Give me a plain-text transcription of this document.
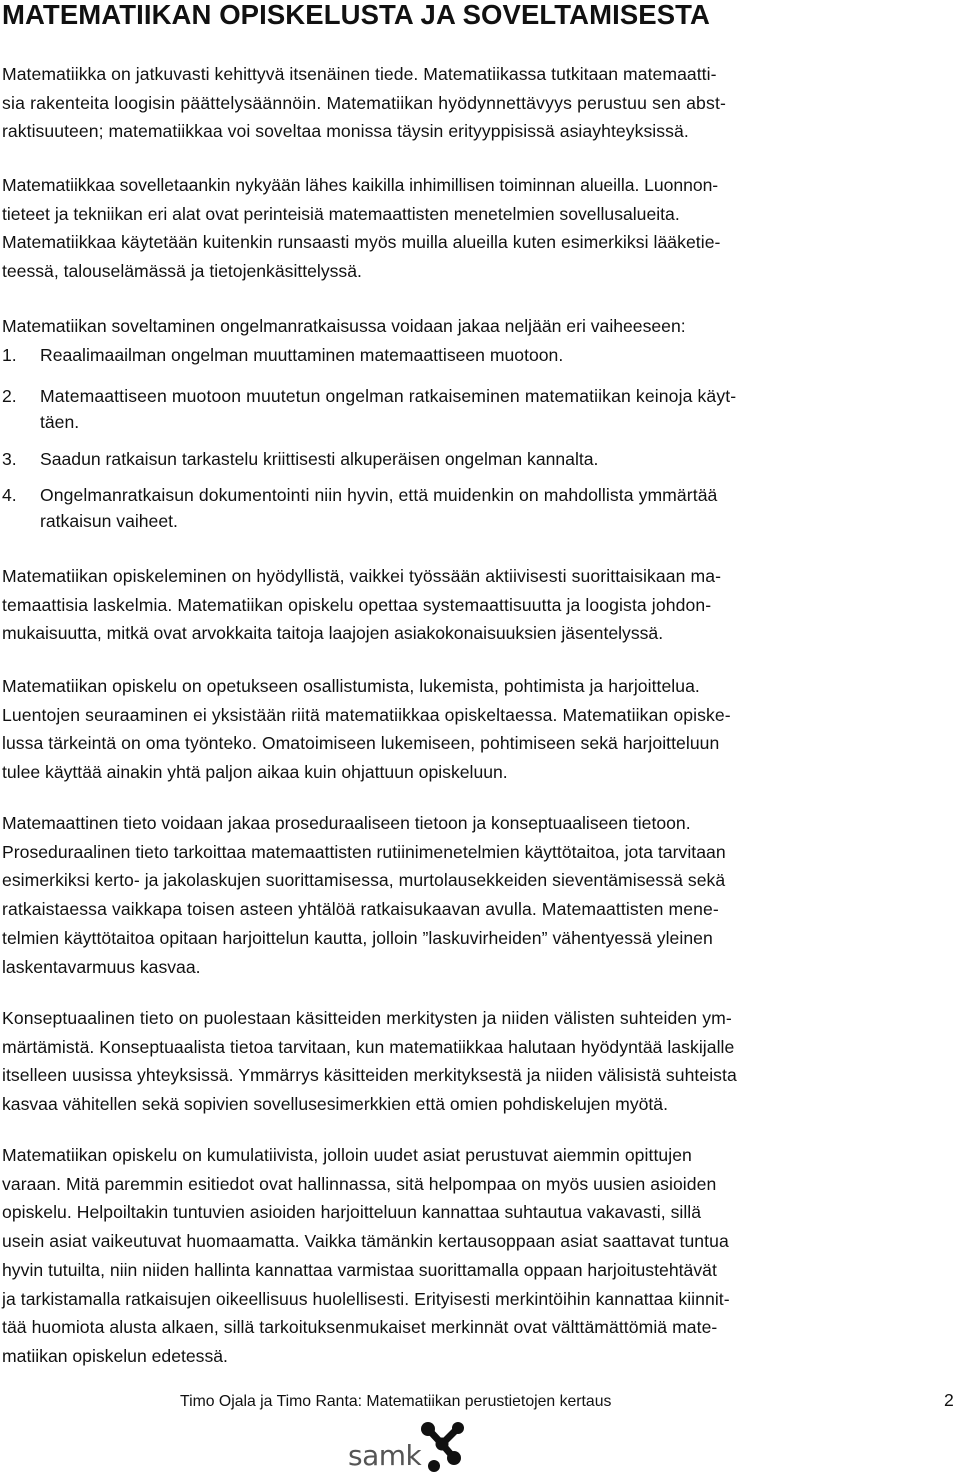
MATEMATIIKAN OPISKELUSTA JA SOVELTAMISESTA
Matematiikka on jatkuvasti kehittyvä itsenäinen tiede. Matematiikassa tutkitaan matemaatti-
sia rakenteita loogisin päättelysäännöin. Matematiikan hyödynnettävyys perustuu sen abst-
raktisuuteen; matematiikkaa voi soveltaa monissa täysin erityyppisissä asiayhteyksissä.
Matematiikkaa sovelletaankin nykyään lähes kaikilla inhimillisen toiminnan alueilla. Luonnon-
tieteet ja tekniikan eri alat ovat perinteisiä matemaattisten menetelmien sovellusalueita.
Matematiikkaa käytetään kuitenkin runsaasti myös muilla alueilla kuten esimerkiksi lääketie-
teessä, talouselämässä ja tietojenkäsittelyssä.
Matematiikan soveltaminen ongelmanratkaisussa voidaan jakaa neljään eri vaiheeseen:
1. Reaalimaailman ongelman muuttaminen matemaattiseen muotoon.
2. Matemaattiseen muotoon muutetun ongelman ratkaiseminen matematiikan keinoja käyt-
täen.
3. Saadun ratkaisun tarkastelu kriittisesti alkuperäisen ongelman kannalta.
4. Ongelmanratkaisun dokumentointi niin hyvin, että muidenkin on mahdollista ymmärtää
ratkaisun vaiheet.
Matematiikan opiskeleminen on hyödyllistä, vaikkei työssään aktiivisesti suorittaisikaan ma-
temaattisia laskelmia. Matematiikan opiskelu opettaa systemaattisuutta ja loogista johdon-
mukaisuutta, mitkä ovat arvokkaita taitoja laajojen asiakokonaisuuksien jäsentelyssä.
Matematiikan opiskelu on opetukseen osallistumista, lukemista, pohtimista ja harjoittelua.
Luentojen seuraaminen ei yksistään riitä matematiikkaa opiskeltaessa. Matematiikan opiske-
lussa tärkeintä on oma työnteko. Omatoimiseen lukemiseen, pohtimiseen sekä harjoitteluun
tulee käyttää ainakin yhtä paljon aikaa kuin ohjattuun opiskeluun.
Matemaattinen tieto voidaan jakaa proseduraaliseen tietoon ja konseptuaaliseen tietoon.
Proseduraalinen tieto tarkoittaa matemaattisten rutiinimenetelmien käyttötaitoa, jota tarvitaan
esimerkiksi kerto- ja jakolaskujen suorittamisessa, murtolausekkeiden sieventämisessä sekä
ratkaistaessa vaikkapa toisen asteen yhtälöä ratkaisukaavan avulla. Matemaattisten mene-
telmien käyttötaitoa opitaan harjoittelun kautta, jolloin ”laskuvirheiden” vähentyessä yleinen
laskentavarmuus kasvaa.
Konseptuaalinen tieto on puolestaan käsitteiden merkitysten ja niiden välisten suhteiden ym-
märtämistä. Konseptuaalista tietoa tarvitaan, kun matematiikkaa halutaan hyödyntää laskijalle
itselleen uusissa yhteyksissä. Ymmärrys käsitteiden merkityksestä ja niiden välisistä suhteista
kasvaa vähitellen sekä sopivien sovellusesimerkkien että omien pohdiskelujen myötä.
Matematiikan opiskelu on kumulatiivista, jolloin uudet asiat perustuvat aiemmin opittujen
varaan. Mitä paremmin esitiedot ovat hallinnassa, sitä helpompaa on myös uusien asioiden
opiskelu. Helpoiltakin tuntuvien asioiden harjoitteluun kannattaa suhtautua vakavasti, sillä
usein asiat vaikeutuvat huomaamatta. Vaikka tämänkin kertausoppaan asiat saattavat tuntua
hyvin tutuilta, niin niiden hallinta kannattaa varmistaa suorittamalla oppaan harjoitustehtävät
ja tarkistamalla ratkaisujen oikeellisuus huolellisesti. Erityisesti merkintöihin kannattaa kiinnit-
tää huomiota alusta alkaen, sillä tarkoituksenmukaiset merkinnät ovat välttämättömiä mate-
matiikan opiskelun edetessä.
Timo Ojala ja Timo Ranta: Matematiikan perustietojen kertaus	2
samk
